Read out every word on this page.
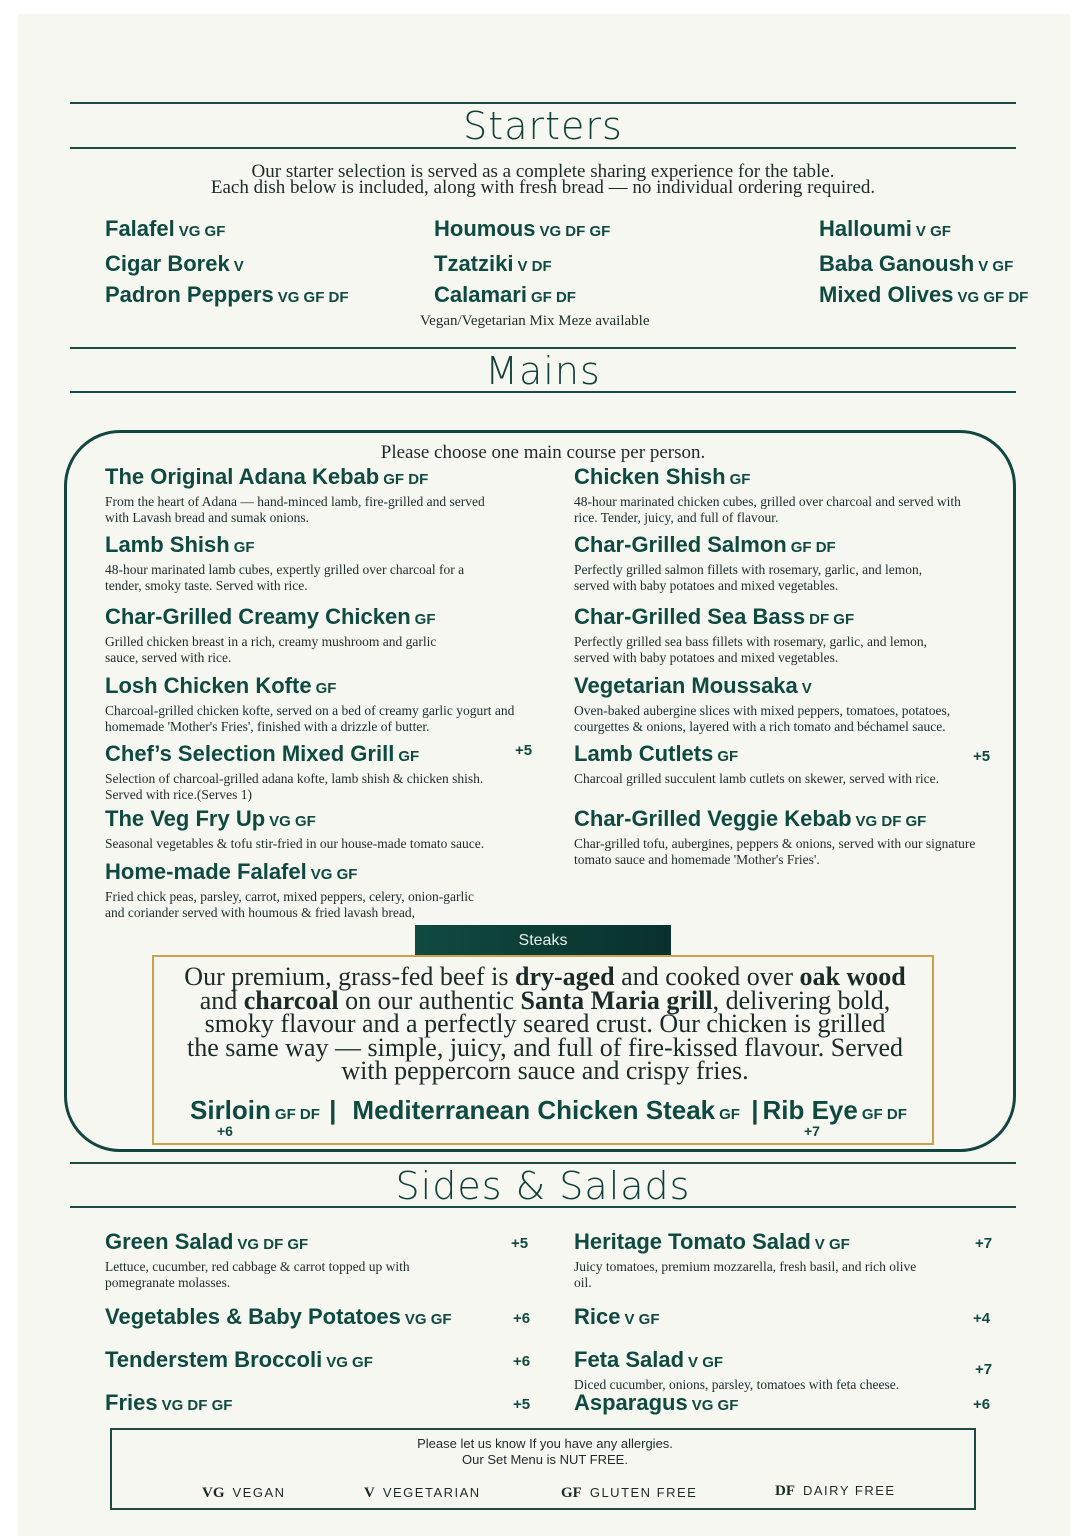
Starters
Our starter selection is served as a complete sharing experience for the table.
Each dish below is included, along with fresh bread — no individual ordering required.
Falafel VG GF
Cigar Borek V
Padron Peppers VG GF DF
Houmous VG DF GF
Tzatziki V DF
Calamari GF DF
Halloumi V GF
Baba Ganoush V GF
Mixed Olives VG GF DF
Vegan/Vegetarian Mix Meze available
Mains
Please choose one main course per person.
The Original Adana Kebab GF DF
From the heart of Adana — hand-minced lamb, fire-grilled and served with Lavash bread and sumak onions.
Lamb Shish GF
48-hour marinated lamb cubes, expertly grilled over charcoal for a tender, smoky taste. Served with rice.
Char-Grilled Creamy Chicken GF
Grilled chicken breast in a rich, creamy mushroom and garlic sauce, served with rice.
Losh Chicken Kofte GF
Charcoal-grilled chicken kofte, served on a bed of creamy garlic yogurt and homemade 'Mother's Fries', finished with a drizzle of butter.
Chef’s Selection Mixed Grill GF
Selection of charcoal-grilled adana kofte, lamb shish & chicken shish. Served with rice.(Serves 1)
+5
The Veg Fry Up VG GF
Seasonal vegetables & tofu stir-fried in our house-made tomato sauce.
Home-made Falafel VG GF
Fried chick peas, parsley, carrot, mixed peppers, celery, onion-garlic and coriander served with houmous & fried lavash bread,
Chicken Shish GF
48-hour marinated chicken cubes, grilled over charcoal and served with rice. Tender, juicy, and full of flavour.
Char-Grilled Salmon GF DF
Perfectly grilled salmon fillets with rosemary, garlic, and lemon, served with baby potatoes and mixed vegetables.
Char-Grilled Sea Bass DF GF
Perfectly grilled sea bass fillets with rosemary, garlic, and lemon, served with baby potatoes and mixed vegetables.
Vegetarian Moussaka V
Oven-baked aubergine slices with mixed peppers, tomatoes, potatoes, courgettes & onions, layered with a rich tomato and béchamel sauce.
Lamb Cutlets GF
Charcoal grilled succulent lamb cutlets on skewer, served with rice.
+5
Char-Grilled Veggie Kebab VG DF GF
Char-grilled tofu, aubergines, peppers & onions, served with our signature tomato sauce and homemade 'Mother's Fries'.
Steaks
Our premium, grass-fed beef is dry-aged and cooked over oak wood
and charcoal on our authentic Santa Maria grill, delivering bold,
smoky flavour and a perfectly seared crust. Our chicken is grilled
the same way — simple, juicy, and full of fire-kissed flavour. Served
with peppercorn sauce and crispy fries.
Sirloin GF DF | Mediterranean Chicken Steak GF | Rib Eye GF DF
+6	+7
Sides & Salads
Green Salad VG DF GF
Lettuce, cucumber, red cabbage & carrot topped up with pomegranate molasses.
+5
Vegetables & Baby Potatoes VG GF	+6
Tenderstem Broccoli VG GF	+6
Fries VG DF GF	+5
Heritage Tomato Salad V GF
Juicy tomatoes, premium mozzarella, fresh basil, and rich olive oil.
+7
Rice V GF	+4
Feta Salad V GF
Diced cucumber, onions, parsley, tomatoes with feta cheese.
+7
Asparagus VG GF	+6
Please let us know If you have any allergies.
Our Set Menu is NUT FREE.
VG VEGAN	V VEGETARIAN	GF GLUTEN FREE	DF DAIRY FREE
